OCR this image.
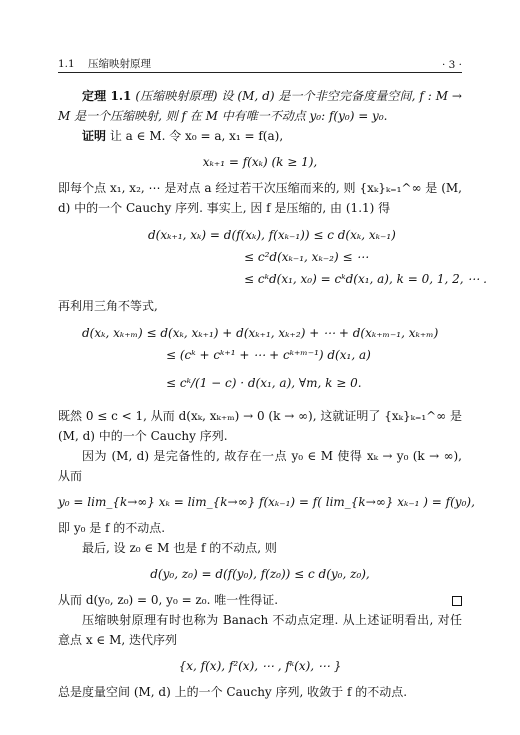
1.1 压缩映射原理	· 3 ·

定理 1.1 (压缩映射原理) 设 (M, d) 是一个非空完备度量空间, f : M → M 是一个压缩映射, 则 f 在 M 中有唯一不动点 y₀: f(y₀) = y₀.

证明 让 a ∈ M. 令 x₀ = a, x₁ = f(a),

xₖ₊₁ = f(xₖ) (k ≥ 1),

即每个点 x₁, x₂, ⋯ 是对点 a 经过若干次压缩而来的, 则 {xₖ}ₖ₌₁^∞ 是 (M, d) 中的一个 Cauchy 序列. 事实上, 因 f 是压缩的, 由 (1.1) 得

d(xₖ₊₁, xₖ) = d(f(xₖ), f(xₖ₋₁)) ≤ c d(xₖ, xₖ₋₁)
≤ c²d(xₖ₋₁, xₖ₋₂) ≤ ⋯
≤ cᵏd(x₁, x₀) = cᵏd(x₁, a), k = 0, 1, 2, ⋯ .

再利用三角不等式,

d(xₖ, xₖ₊ₘ) ≤ d(xₖ, xₖ₊₁) + d(xₖ₊₁, xₖ₊₂) + ⋯ + d(xₖ₊ₘ₋₁, xₖ₊ₘ)
≤ (cᵏ + cᵏ⁺¹ + ⋯ + cᵏ⁺ᵐ⁻¹) d(x₁, a)
≤ cᵏ/(1 − c) · d(x₁, a), ∀m, k ≥ 0.

既然 0 ≤ c < 1, 从而 d(xₖ, xₖ₊ₘ) → 0 (k → ∞), 这就证明了 {xₖ}ₖ₌₁^∞ 是 (M, d) 中的一个 Cauchy 序列.

因为 (M, d) 是完备性的, 故存在一点 y₀ ∈ M 使得 xₖ → y₀ (k → ∞), 从而

y₀ = lim_{k→∞} xₖ = lim_{k→∞} f(xₖ₋₁) = f( lim_{k→∞} xₖ₋₁ ) = f(y₀),

即 y₀ 是 f 的不动点.

最后, 设 z₀ ∈ M 也是 f 的不动点, 则

d(y₀, z₀) = d(f(y₀), f(z₀)) ≤ c d(y₀, z₀),
从而 d(y₀, z₀) = 0, y₀ = z₀. 唯一性得证.

压缩映射原理有时也称为 Banach 不动点定理. 从上述证明看出, 对任意点 x ∈ M, 迭代序列

{x, f(x), f²(x), ⋯ , fᵏ(x), ⋯ }

总是度量空间 (M, d) 上的一个 Cauchy 序列, 收敛于 f 的不动点.
